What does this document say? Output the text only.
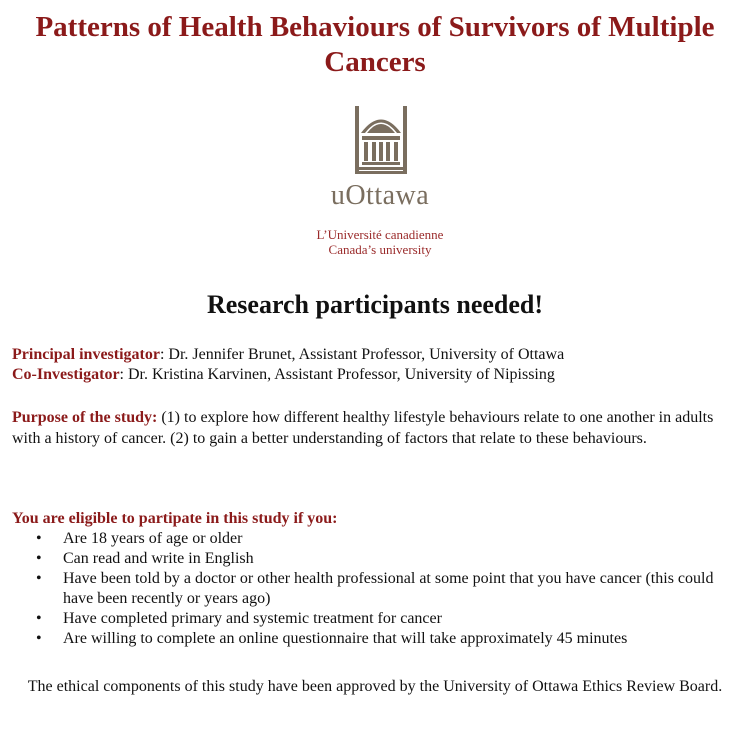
Patterns of Health Behaviours of Survivors of Multiple Cancers
uOttawa
L’Université canadienne
Canada’s university
Research participants needed!
Principal investigator: Dr. Jennifer Brunet, Assistant Professor, University of Ottawa
Co-Investigator: Dr. Kristina Karvinen, Assistant Professor, University of Nipissing
Purpose of the study: (1) to explore how different healthy lifestyle behaviours relate to one another in adults with a history of cancer. (2) to gain a better understanding of factors that relate to these behaviours.
You are eligible to partipate in this study if you:
• Are 18 years of age or older
• Can read and write in English
• Have been told by a doctor or other health professional at some point that you have cancer (this could have been recently or years ago)
• Have completed primary and systemic treatment for cancer
• Are willing to complete an online questionnaire that will take approximately 45 minutes
The ethical components of this study have been approved by the University of Ottawa Ethics Review Board.
